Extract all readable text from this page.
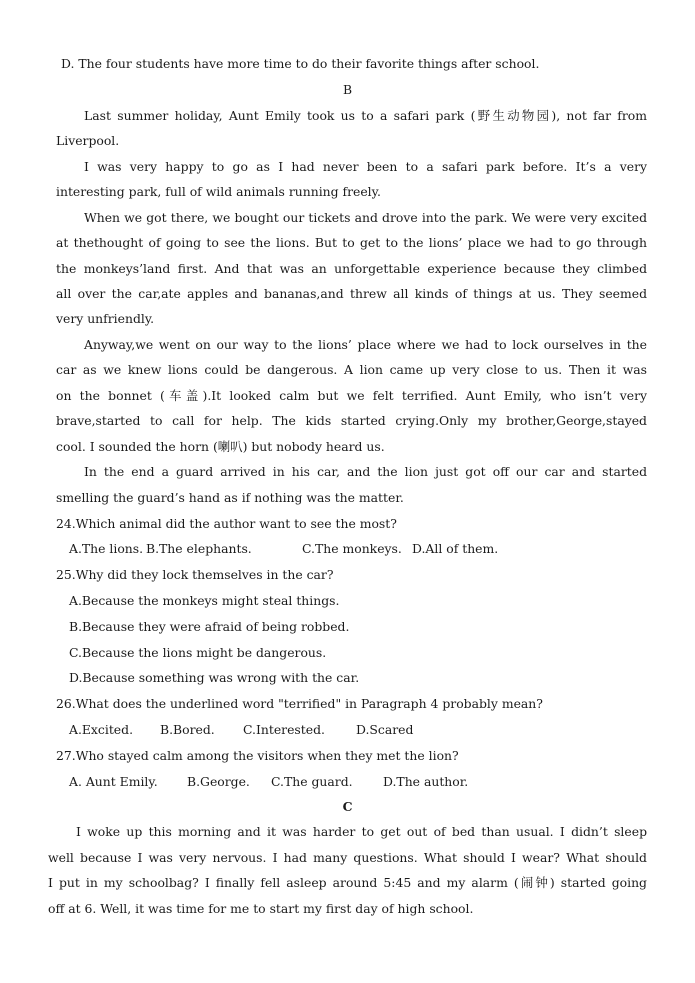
D. The four students have more time to do their favorite things after school.
B
Last summer holiday, Aunt Emily took us to a safari park (野生动物园), not far from
Liverpool.
I was very happy to go as I had never been to a safari park before. It’s a very
interesting park, full of wild animals running freely.
When we got there, we bought our tickets and drove into the park. We were very excited
at thethought of going to see the lions. But to get to the lions’ place we had to go through
the monkeys’land first. And that was an unforgettable experience because they climbed
all over the car,ate apples and bananas,and threw all kinds of things at us. They seemed
very unfriendly.
Anyway,we went on our way to the lions’ place where we had to lock ourselves in the
car as we knew lions could be dangerous. A lion came up very close to us. Then it was
on the bonnet (车盖).It looked calm but we felt terrified. Aunt Emily, who isn’t very
brave,started to call for help. The kids started crying.Only my brother,George,stayed
cool. I sounded the horn (喇叭) but nobody heard us.
In the end a guard arrived in his car, and the lion just got off our car and started
smelling the guard’s hand as if nothing was the matter.
24.Which animal did the author want to see the most?
A.The lions. B.The elephants.	C.The monkeys. D.All of them.
25.Why did they lock themselves in the car?
A.Because the monkeys might steal things.
B.Because they were afraid of being robbed.
C.Because the lions might be dangerous.
D.Because something was wrong with the car.
26.What does the underlined word "terrified" in Paragraph 4 probably mean?
A.Excited. B.Bored. C.Interested.	D.Scared
27.Who stayed calm among the visitors when they met the lion?
A. Aunt Emily. B.George. C.The guard. D.The author.
C
I woke up this morning and it was harder to get out of bed than usual. I didn’t sleep
well because I was very nervous. I had many questions. What should I wear? What should
I put in my schoolbag? I finally fell asleep around 5:45 and my alarm (闹钟) started going
off at 6. Well, it was time for me to start my first day of high school.
